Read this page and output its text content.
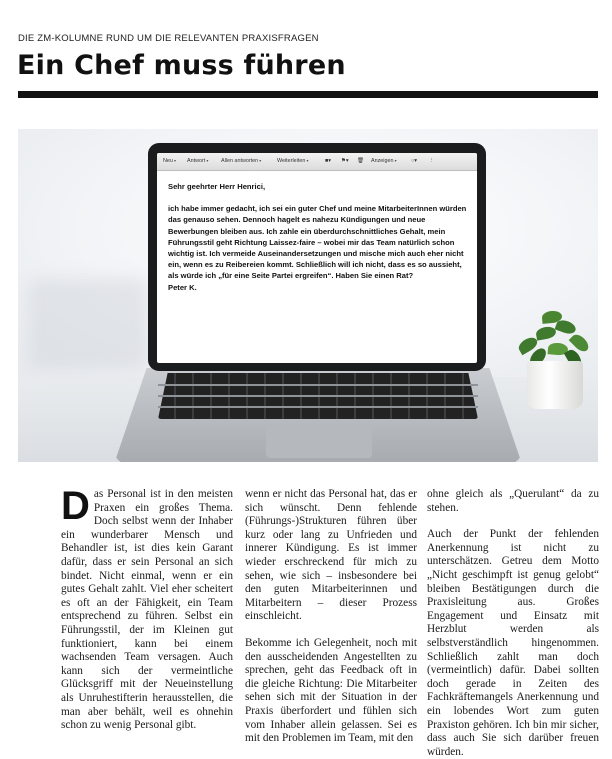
DIE ZM-KOLUMNE RUND UM DIE RELEVANTEN PRAXISFRAGEN
Ein Chef muss führen
Neu ▾ Antwort ▾ Allen antworten ▾	Weiterleiten ▾	■▾ ⚑▾ 🗑 Anzeigen ▾	○▾ ⋮

Sehr geehrter Herr Henrici,

ich habe immer gedacht, ich sei ein guter Chef und meine MitarbeiterInnen würden das genauso sehen. Dennoch hagelt es nahezu Kündigungen und neue Bewerbungen bleiben aus. Ich zahle ein überdurchschnittliches Gehalt, mein Führungsstil geht Richtung Laissez-faire – wobei mir das Team natürlich schon wichtig ist. Ich vermeide Auseinandersetzungen und mische mich auch eher nicht ein, wenn es zu Reibereien kommt. Schließlich will ich nicht, dass es so aussieht, als würde ich „für eine Seite Partei ergreifen“. Haben Sie einen Rat?

Peter K.

Das Personal ist in den meisten Praxen ein großes Thema. Doch selbst wenn der Inhaber ein wunderbarer Mensch und Behandler ist, ist dies kein Garant dafür, dass er sein Personal an sich bindet. Nicht einmal, wenn er ein gutes Gehalt zahlt. Viel eher scheitert es oft an der Fähigkeit, ein Team entsprechend zu führen. Selbst ein Führungsstil, der im Kleinen gut funktioniert, kann bei einem wachsenden Team versagen. Auch kann sich der vermeintliche Glücksgriff mit der Neueinstellung als Unruhestifterin herausstellen, die man aber behält, weil es ohnehin schon zu wenig Personal gibt.

wenn er nicht das Personal hat, das er sich wünscht. Denn fehlende (Führungs-)Strukturen führen über kurz oder lang zu Unfrieden und innerer Kündigung. Es ist immer wieder erschreckend für mich zu sehen, wie sich – insbesondere bei den guten Mitarbeiterinnen und Mitarbeitern – dieser Prozess einschleicht.

Bekomme ich Gelegenheit, noch mit den ausscheidenden Angestellten zu sprechen, geht das Feedback oft in die gleiche Richtung: Die Mitarbeiter sehen sich mit der Situation in der Praxis überfordert und fühlen sich vom Inhaber allein gelassen. Sei es mit den Problemen im Team, mit den

ohne gleich als „Querulant“ da zu stehen.

Auch der Punkt der fehlenden Anerkennung ist nicht zu unterschätzen. Getreu dem Motto „Nicht geschimpft ist genug gelobt“ bleiben Bestätigungen durch die Praxisleitung aus. Großes Engagement und Einsatz mit Herzblut werden als selbstverständlich hingenommen. Schließlich zahlt man doch (vermeintlich) dafür. Dabei sollten doch gerade in Zeiten des Fachkräftemangels Anerkennung und ein lobendes Wort zum guten Praxiston gehören. Ich bin mir sicher, dass auch Sie sich darüber freuen würden.
